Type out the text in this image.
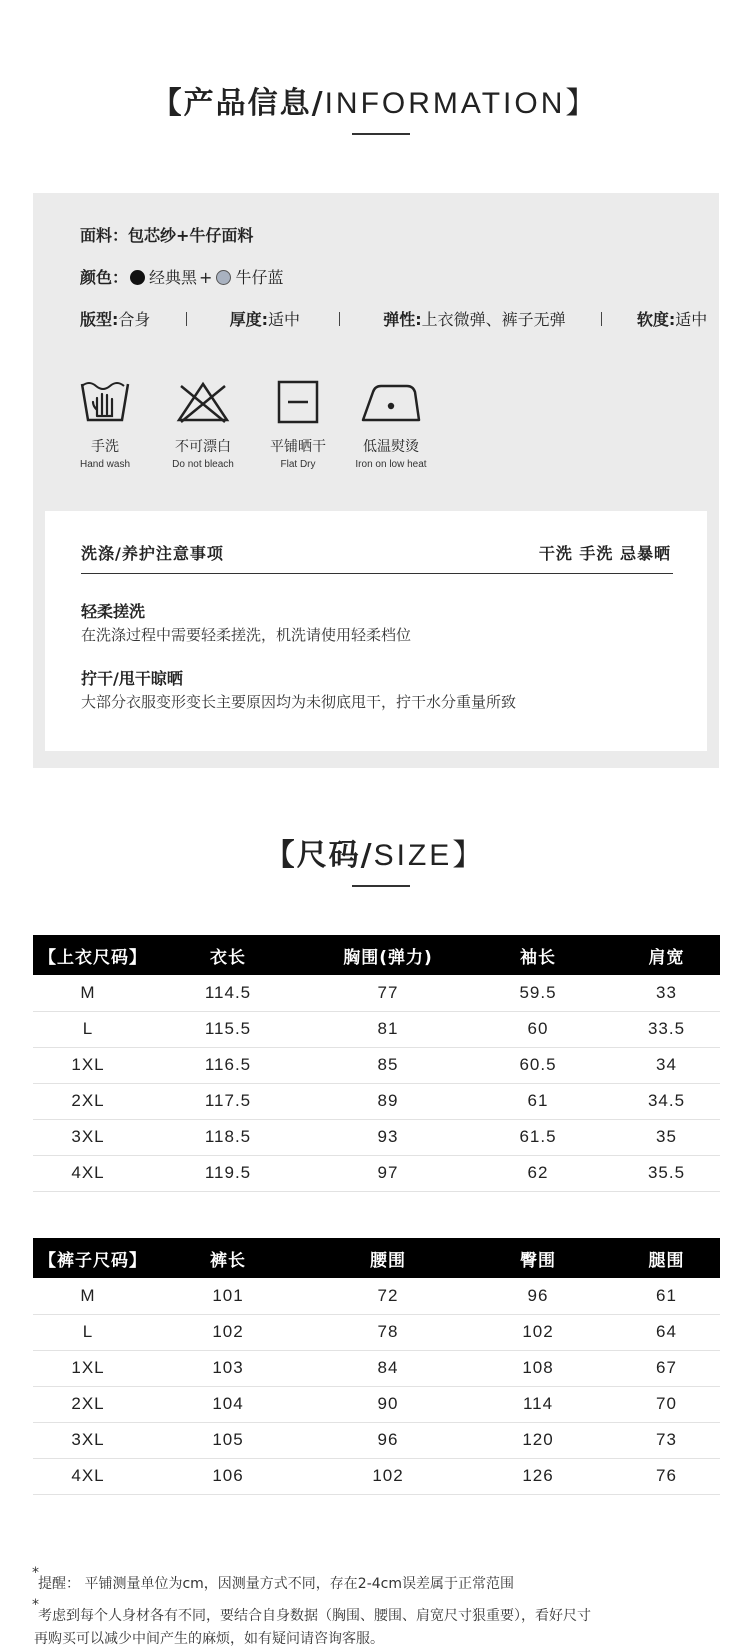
【产品信息/INFORMATION】
面料：包芯纱+牛仔面料
颜色： 经典黑 + 牛仔蓝
版型:合身	厚度:适中	弹性:上衣微弹、裤子无弹	软度:适中
手洗
Hand wash
不可漂白
Do not bleach
平铺晒干
Flat Dry
低温熨烫
Iron on low heat
洗涤/养护注意事项	干洗 手洗 忌暴晒
轻柔搓洗
在洗涤过程中需要轻柔搓洗，机洗请使用轻柔档位
拧干/甩干晾晒
大部分衣服变形变长主要原因均为未彻底甩干，拧干水分重量所致
【尺码/SIZE】
【上衣尺码】	衣长	胸围(弹力)	袖长	肩宽
M	114.5	77	59.5	33
L	115.5	81	60	33.5
1XL	116.5	85	60.5	34
2XL	117.5	89	61	34.5
3XL	118.5	93	61.5	35
4XL	119.5	97	62	35.5
【裤子尺码】	裤长	腰围	臀围	腿围
M	101	72	96	61
L	102	78	102	64
1XL	103	84	108	67
2XL	104	90	114	70
3XL	105	96	120	73
4XL	106	102	126	76
*
提醒： 平铺测量单位为cm，因测量方式不同，存在2-4cm误差属于正常范围
*
考虑到每个人身材各有不同，要结合自身数据（胸围、腰围、肩宽尺寸狠重要），看好尺寸
再购买可以减少中间产生的麻烦，如有疑问请咨询客服。
